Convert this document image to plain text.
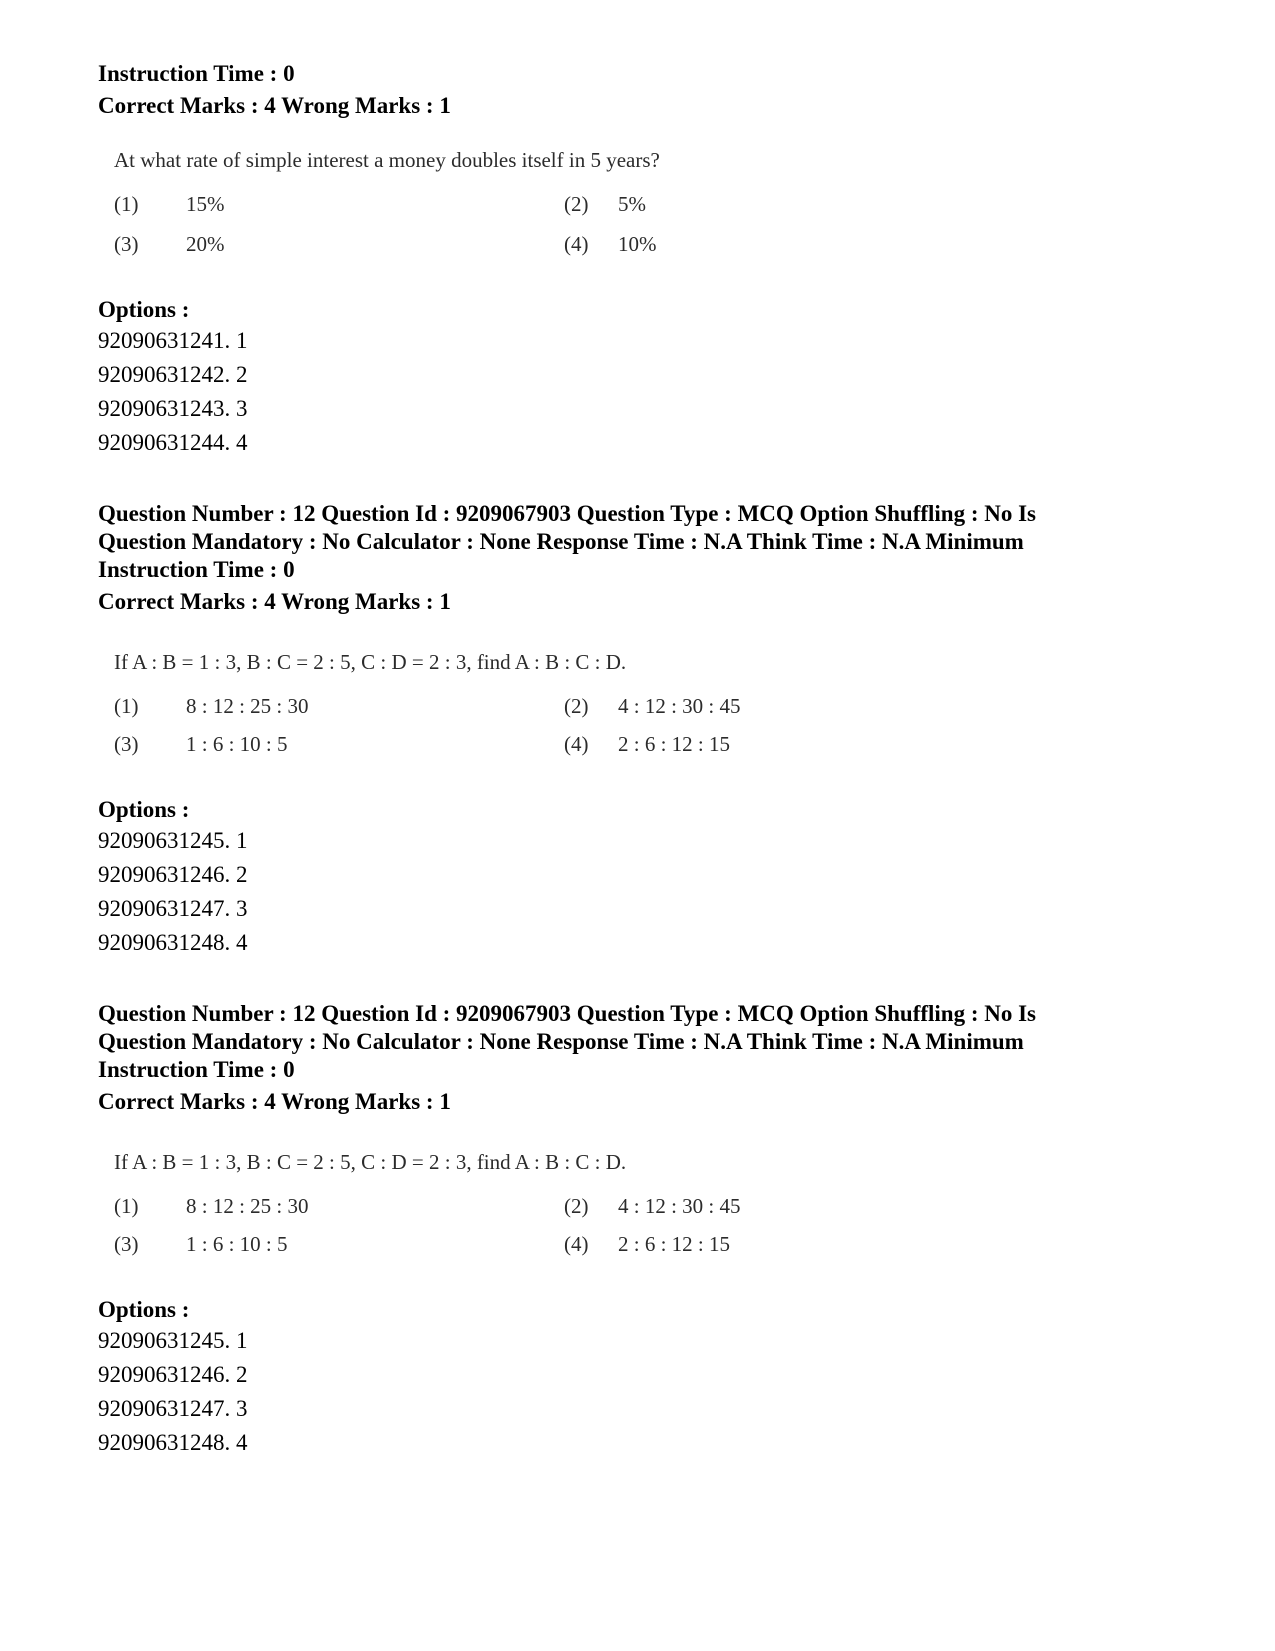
Instruction Time : 0
Correct Marks : 4 Wrong Marks : 1
At what rate of simple interest a money doubles itself in 5 years?
(1) 15%	(2) 5%
(3) 20%	(4) 10%
Options :
92090631241. 1
92090631242. 2
92090631243. 3
92090631244. 4
Question Number : 12 Question Id : 9209067903 Question Type : MCQ Option Shuffling : No Is
Question Mandatory : No Calculator : None Response Time : N.A Think Time : N.A Minimum
Instruction Time : 0
Correct Marks : 4 Wrong Marks : 1
If A : B = 1 : 3, B : C = 2 : 5, C : D = 2 : 3, find A : B : C : D.
(1) 8 : 12 : 25 : 30	(2) 4 : 12 : 30 : 45
(3) 1 : 6 : 10 : 5	(4) 2 : 6 : 12 : 15
Options :
92090631245. 1
92090631246. 2
92090631247. 3
92090631248. 4
Question Number : 12 Question Id : 9209067903 Question Type : MCQ Option Shuffling : No Is
Question Mandatory : No Calculator : None Response Time : N.A Think Time : N.A Minimum
Instruction Time : 0
Correct Marks : 4 Wrong Marks : 1
If A : B = 1 : 3, B : C = 2 : 5, C : D = 2 : 3, find A : B : C : D.
(1) 8 : 12 : 25 : 30	(2) 4 : 12 : 30 : 45
(3) 1 : 6 : 10 : 5	(4) 2 : 6 : 12 : 15
Options :
92090631245. 1
92090631246. 2
92090631247. 3
92090631248. 4
